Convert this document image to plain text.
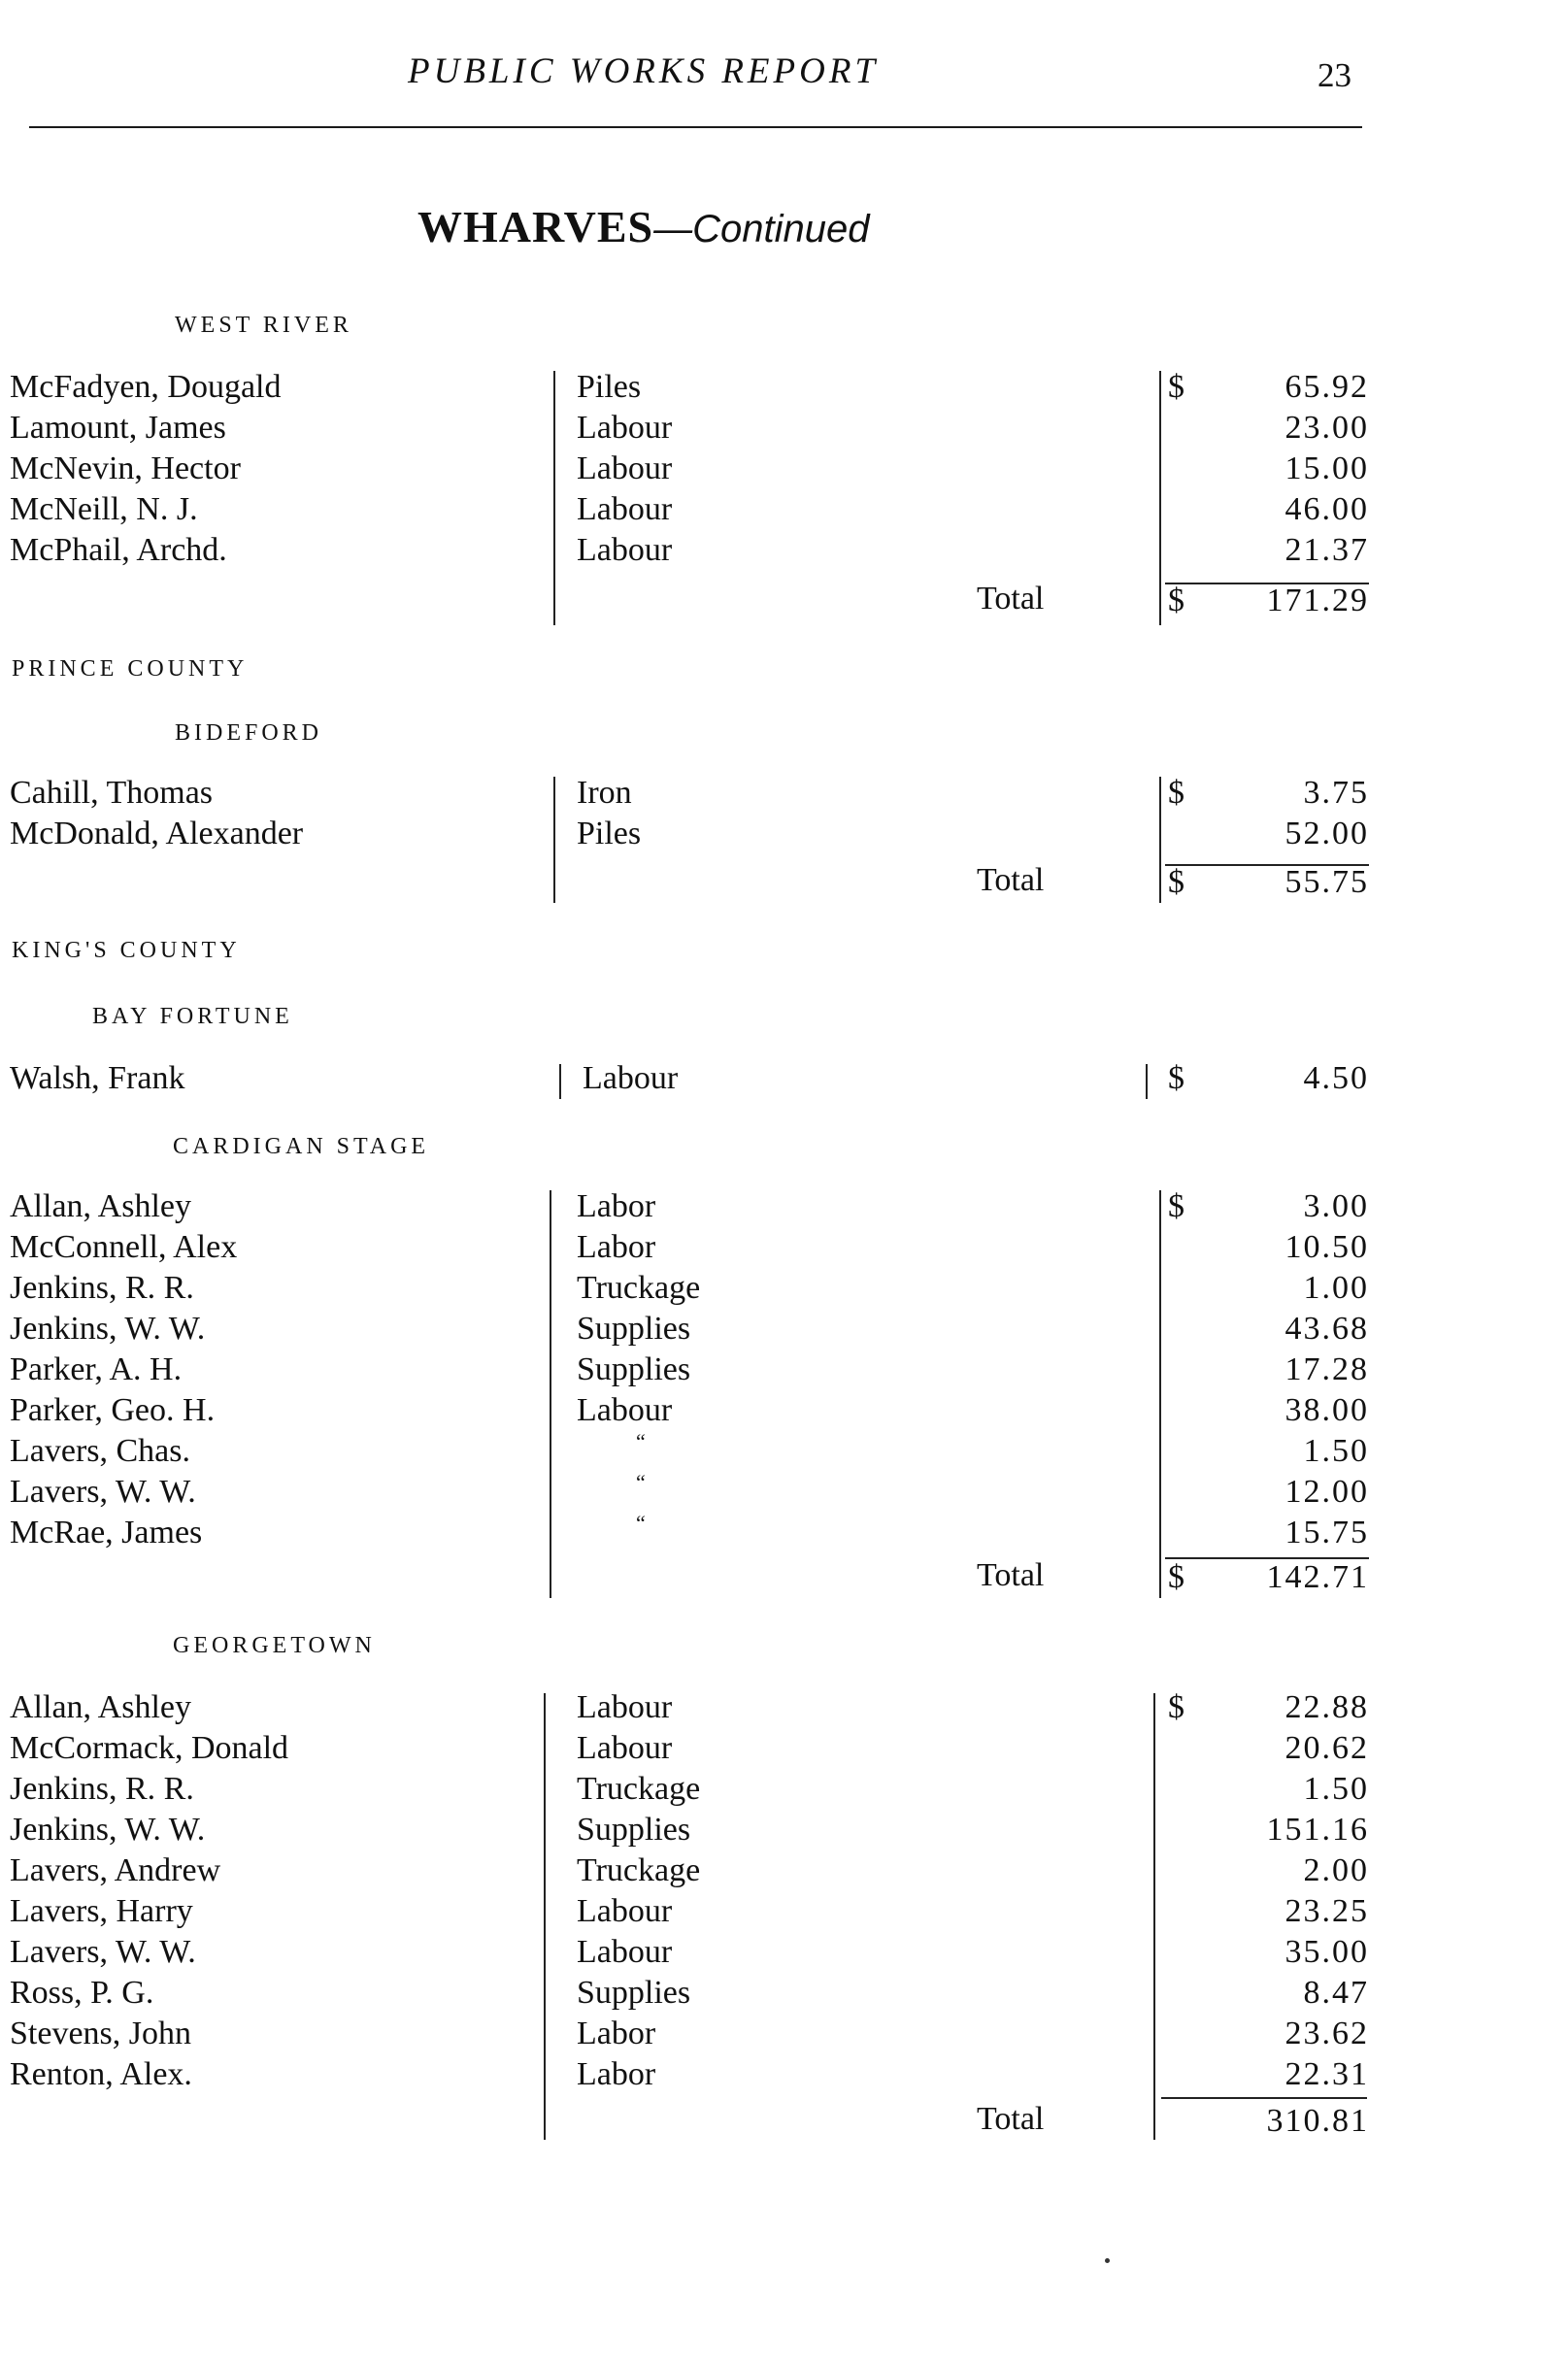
PUBLIC WORKS REPORT	23
WHARVES—Continued
WEST RIVER
McFadyen, Dougald	Piles	$	65.92
Lamount, James	Labour	23.00
McNevin, Hector	Labour	15.00
McNeill, N. J.	Labour	46.00
McPhail, Archd.	Labour	21.37
Total	$	171.29
PRINCE COUNTY
BIDEFORD
Cahill, Thomas	Iron	$	3.75
McDonald, Alexander	Piles	52.00
Total	$	55.75
KING'S COUNTY
BAY FORTUNE
Walsh, Frank	Labour	$	4.50
CARDIGAN STAGE
Allan, Ashley	Labor	$	3.00
McConnell, Alex	Labor	10.50
Jenkins, R. R.	Truckage	1.00
Jenkins, W. W.	Supplies	43.68
Parker, A. H.	Supplies	17.28
Parker, Geo. H.	Labour	38.00
Lavers, Chas.	“	1.50
Lavers, W. W.	“	12.00
McRae, James	“	15.75
Total	$	142.71
GEORGETOWN
Allan, Ashley	Labour	$	22.88
McCormack, Donald	Labour	20.62
Jenkins, R. R.	Truckage	1.50
Jenkins, W. W.	Supplies	151.16
Lavers, Andrew	Truckage	2.00
Lavers, Harry	Labour	23.25
Lavers, W. W.	Labour	35.00
Ross, P. G.	Supplies	8.47
Stevens, John	Labor	23.62
Renton, Alex.	Labor	22.31
Total	310.81
